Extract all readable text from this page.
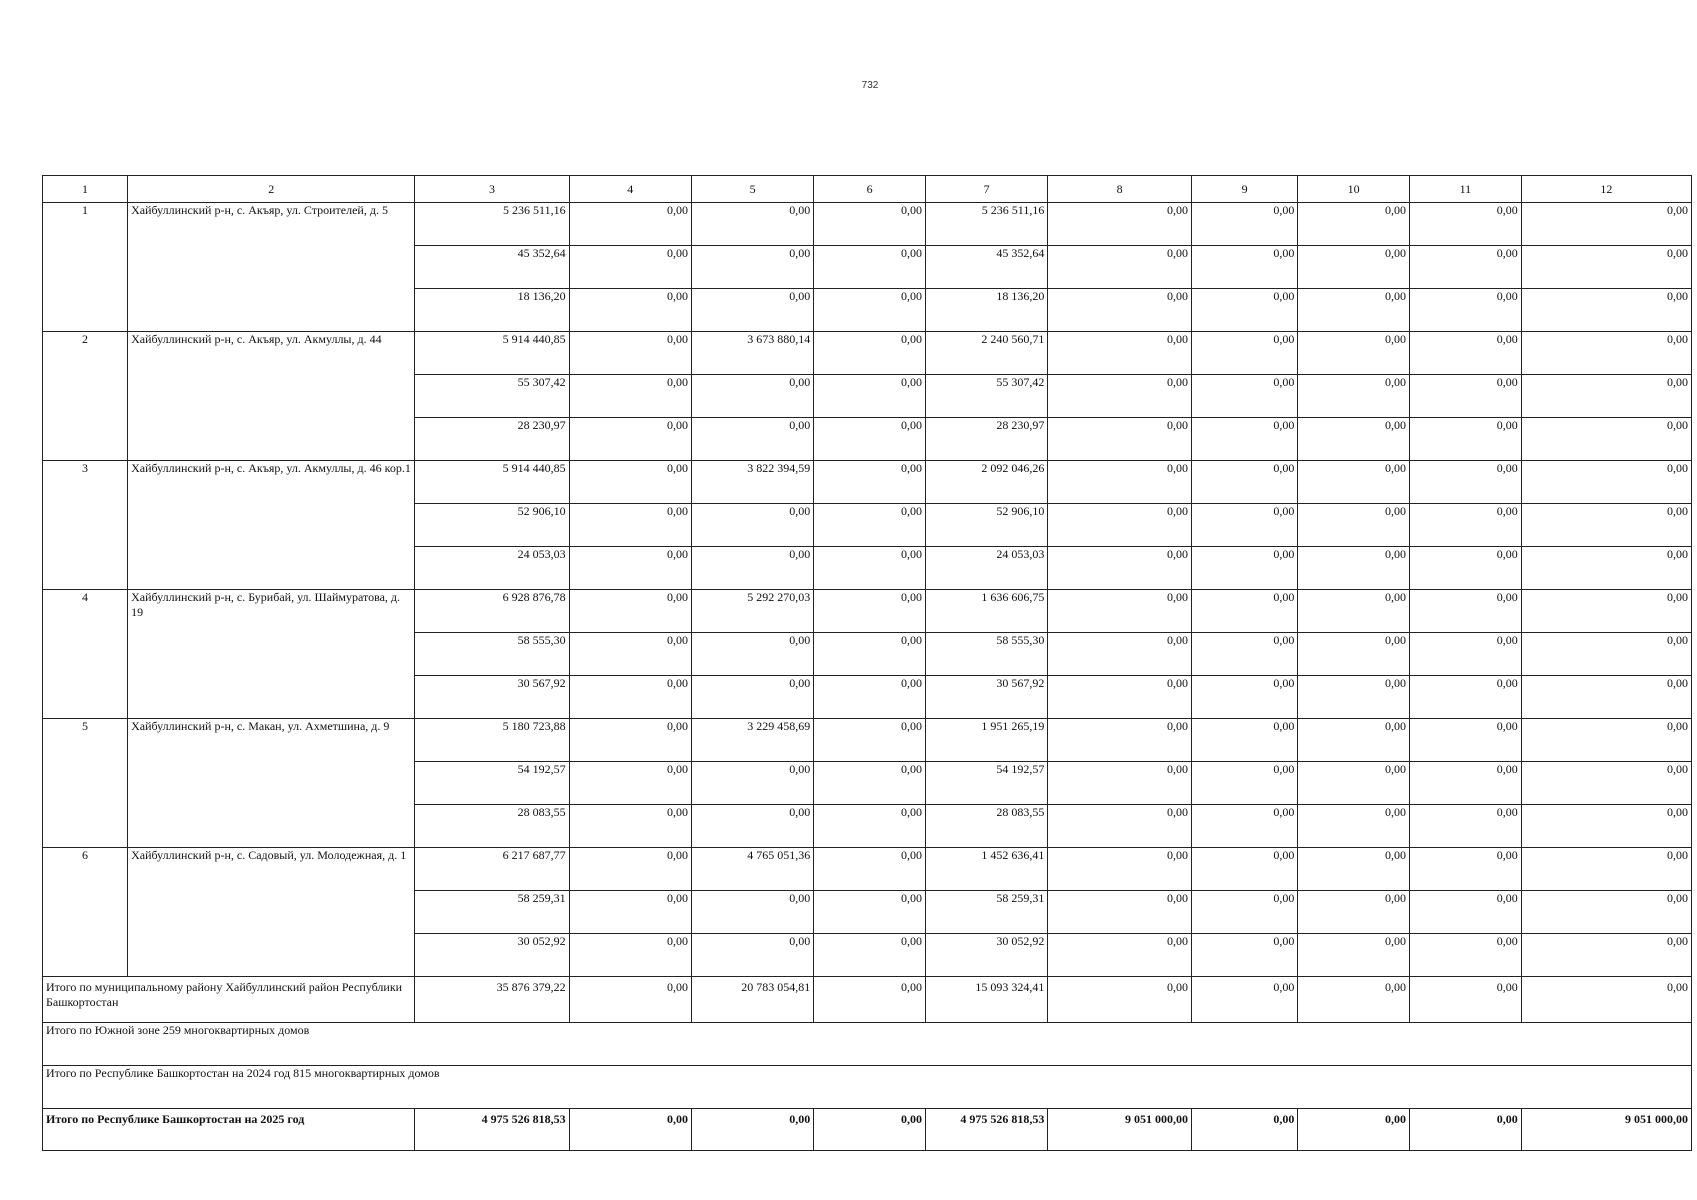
732
1	2	3	4	5	6	7	8	9	10	11	12
1	Хайбуллинский р-н, с. Акъяр, ул. Строителей, д. 5	5 236 511,16	0,00	0,00	0,00	5 236 511,16	0,00	0,00	0,00	0,00	0,00
		45 352,64	0,00	0,00	0,00	45 352,64	0,00	0,00	0,00	0,00	0,00
		18 136,20	0,00	0,00	0,00	18 136,20	0,00	0,00	0,00	0,00	0,00
2	Хайбуллинский р-н, с. Акъяр, ул. Акмуллы, д. 44	5 914 440,85	0,00	3 673 880,14	0,00	2 240 560,71	0,00	0,00	0,00	0,00	0,00
		55 307,42	0,00	0,00	0,00	55 307,42	0,00	0,00	0,00	0,00	0,00
		28 230,97	0,00	0,00	0,00	28 230,97	0,00	0,00	0,00	0,00	0,00
3	Хайбуллинский р-н, с. Акъяр, ул. Акмуллы, д. 46 кор.1	5 914 440,85	0,00	3 822 394,59	0,00	2 092 046,26	0,00	0,00	0,00	0,00	0,00
		52 906,10	0,00	0,00	0,00	52 906,10	0,00	0,00	0,00	0,00	0,00
		24 053,03	0,00	0,00	0,00	24 053,03	0,00	0,00	0,00	0,00	0,00
4	Хайбуллинский р-н, с. Бурибай, ул. Шаймуратова, д. 19	6 928 876,78	0,00	5 292 270,03	0,00	1 636 606,75	0,00	0,00	0,00	0,00	0,00
		58 555,30	0,00	0,00	0,00	58 555,30	0,00	0,00	0,00	0,00	0,00
		30 567,92	0,00	0,00	0,00	30 567,92	0,00	0,00	0,00	0,00	0,00
5	Хайбуллинский р-н, с. Макан, ул. Ахметшина, д. 9	5 180 723,88	0,00	3 229 458,69	0,00	1 951 265,19	0,00	0,00	0,00	0,00	0,00
		54 192,57	0,00	0,00	0,00	54 192,57	0,00	0,00	0,00	0,00	0,00
		28 083,55	0,00	0,00	0,00	28 083,55	0,00	0,00	0,00	0,00	0,00
6	Хайбуллинский р-н, с. Садовый, ул. Молодежная, д. 1	6 217 687,77	0,00	4 765 051,36	0,00	1 452 636,41	0,00	0,00	0,00	0,00	0,00
		58 259,31	0,00	0,00	0,00	58 259,31	0,00	0,00	0,00	0,00	0,00
		30 052,92	0,00	0,00	0,00	30 052,92	0,00	0,00	0,00	0,00	0,00
Итого по муниципальному району Хайбуллинский район Республики Башкортостан		35 876 379,22	0,00	20 783 054,81	0,00	15 093 324,41	0,00	0,00	0,00	0,00	0,00
Итого по Южной зоне 259 многоквартирных домов											
Итого по Республике Башкортостан на 2024 год 815 многоквартирных домов											
Итого по Республике Башкортостан на 2025 год		4 975 526 818,53	0,00	0,00	0,00	4 975 526 818,53	9 051 000,00	0,00	0,00	0,00	9 051 000,00
